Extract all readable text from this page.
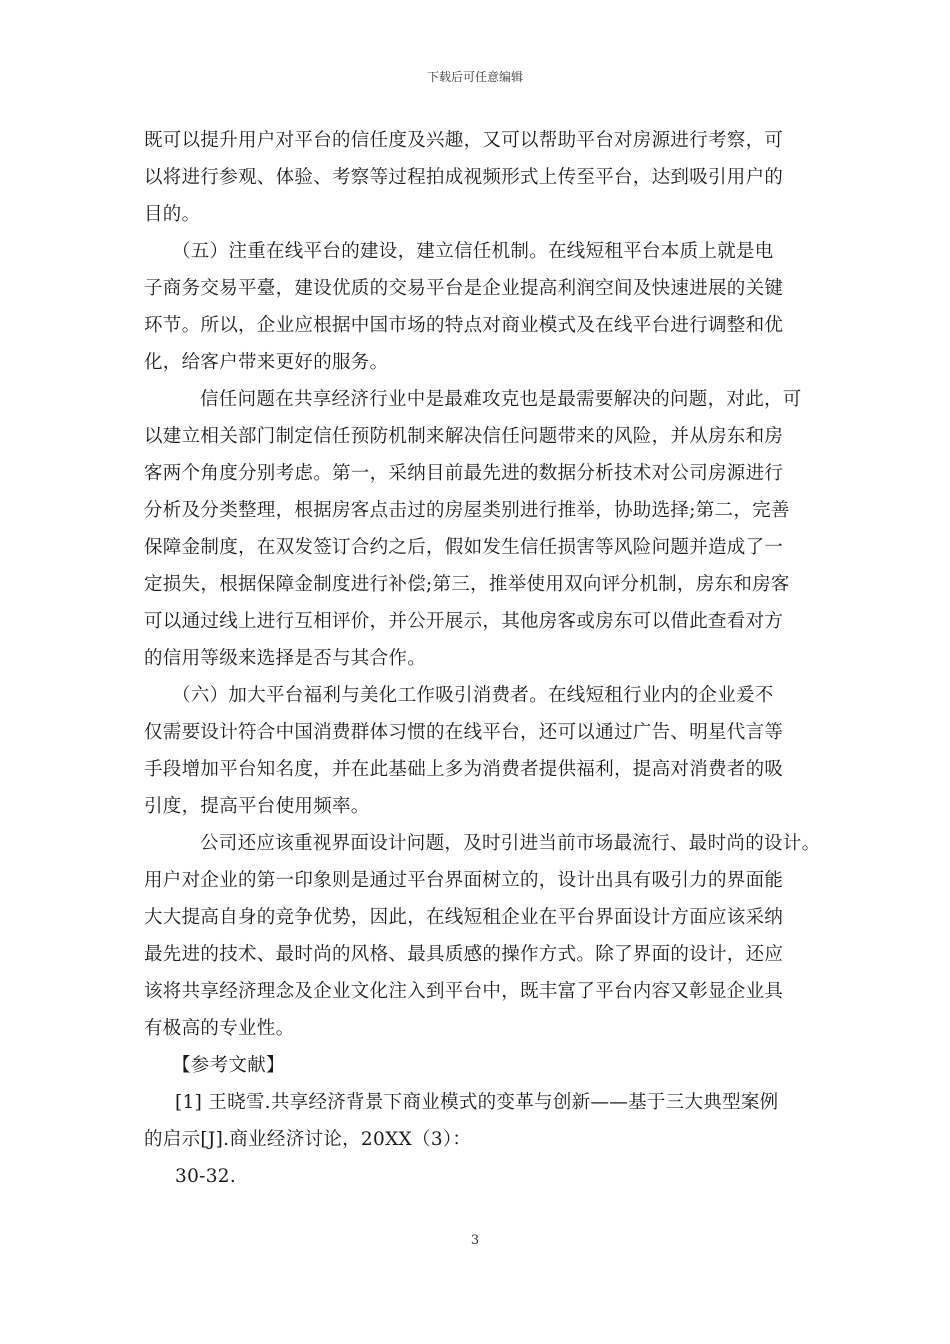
下载后可任意编辑
既可以提升用户对平台的信任度及兴趣，又可以帮助平台对房源进行考察，可
以将进行参观、体验、考察等过程拍成视频形式上传至平台，达到吸引用户的
目的。
（五）注重在线平台的建设，建立信任机制。在线短租平台本质上就是电
子商务交易平臺，建设优质的交易平台是企业提高利润空间及快速进展的关键
环节。所以，企业应根据中国市场的特点对商业模式及在线平台进行调整和优
化，给客户带来更好的服务。
信任问题在共享经济行业中是最难攻克也是最需要解决的问题，对此，可
以建立相关部门制定信任预防机制来解决信任问题带来的风险，并从房东和房
客两个角度分别考虑。第一，采纳目前最先进的数据分析技术对公司房源进行
分析及分类整理，根据房客点击过的房屋类别进行推举，协助选择;第二，完善
保障金制度，在双发签订合约之后，假如发生信任损害等风险问题并造成了一
定损失，根据保障金制度进行补偿;第三，推举使用双向评分机制，房东和房客
可以通过线上进行互相评价，并公开展示，其他房客或房东可以借此查看对方
的信用等级来选择是否与其合作。
（六）加大平台福利与美化工作吸引消费者。在线短租行业内的企业爰不
仅需要设计符合中国消费群体习惯的在线平台，还可以通过广告、明星代言等
手段增加平台知名度，并在此基础上多为消费者提供福利，提高对消费者的吸
引度，提高平台使用频率。
公司还应该重视界面设计问题，及时引进当前市场最流行、最时尚的设计。
用户对企业的第一印象则是通过平台界面树立的，设计出具有吸引力的界面能
大大提高自身的竞争优势，因此，在线短租企业在平台界面设计方面应该采纳
最先进的技术、最时尚的风格、最具质感的操作方式。除了界面的设计，还应
该将共享经济理念及企业文化注入到平台中，既丰富了平台内容又彰显企业具
有极高的专业性。
【参考文献】
[1] 王晓雪.共享经济背景下商业模式的变革与创新——基于三大典型案例
的启示[J].商业经济讨论，20XX（3）：
30-32.
3
